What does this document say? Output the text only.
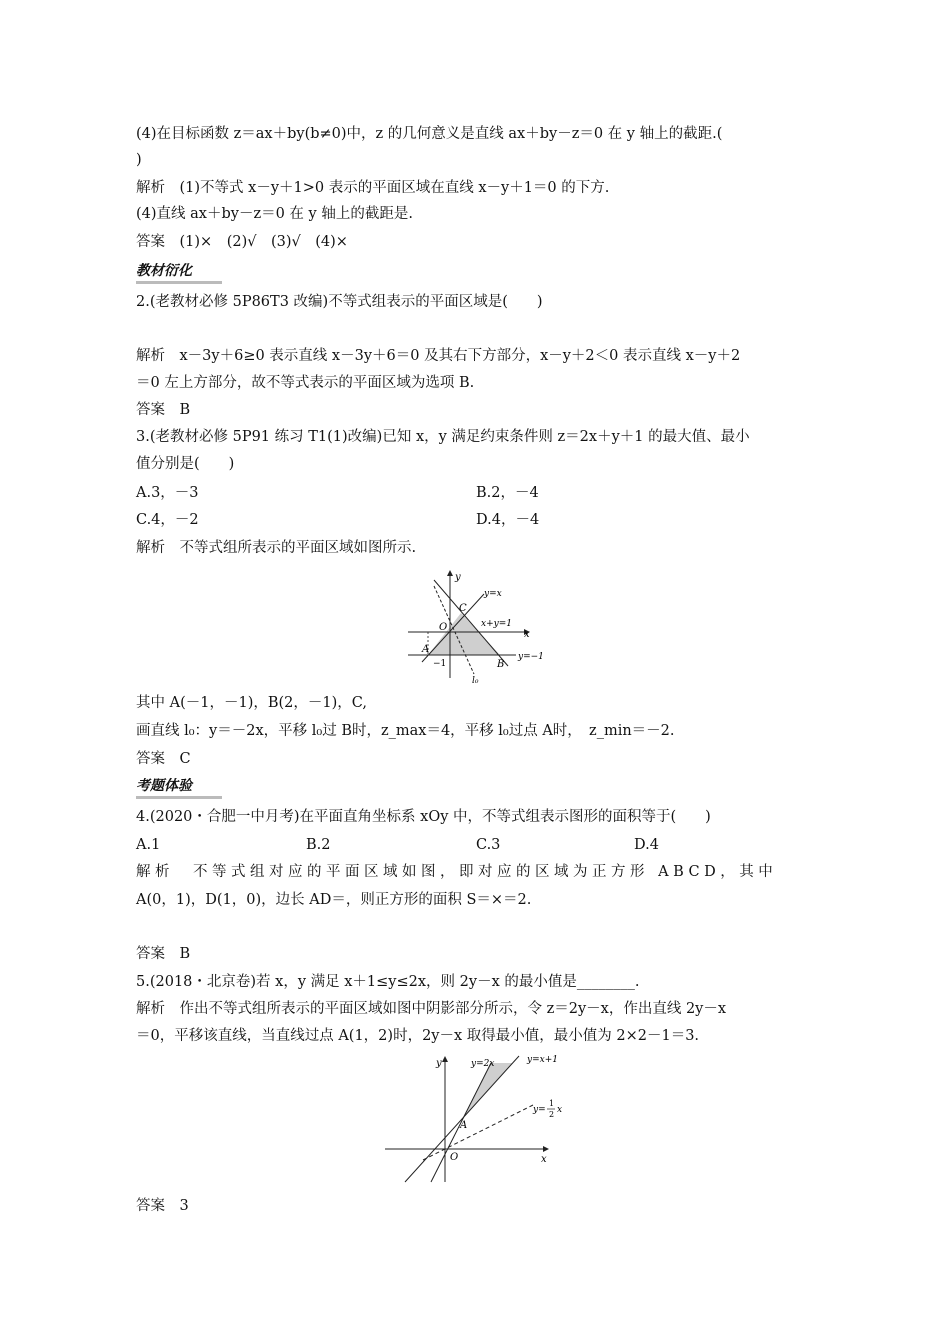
(4)在目标函数 z＝ax＋by(b≠0)中，z 的几何意义是直线 ax＋by－z＝0 在 y 轴上的截距.(
)
解析　(1)不等式 x－y＋1>0 表示的平面区域在直线 x－y＋1＝0 的下方.
(4)直线 ax＋by－z＝0 在 y 轴上的截距是.
答案　(1)×　(2)√　(3)√　(4)×
教材衍化
2.(老教材必修 5P86T3 改编)不等式组表示的平面区域是(　　)
解析　x－3y＋6≥0 表示直线 x－3y＋6＝0 及其右下方部分，x－y＋2＜0 表示直线 x－y＋2
＝0 左上方部分，故不等式表示的平面区域为选项 B.
答案　B
3.(老教材必修 5P91 练习 T1(1)改编)已知 x，y 满足约束条件则 z＝2x＋y＋1 的最大值、最小
值分别是(　　)
A.3，－3	B.2，－4
C.4，－2	D.4，－4
解析　不等式组所表示的平面区域如图所示.
y
x
O
C
A
B
−1
y=x
x+y=1
y=−1
l₀
其中 A(－1，－1)，B(2，－1)，C,
画直线 l₀：y＝－2x，平移 l₀过 B时，z_max＝4，平移 l₀过点 A时，　z_min＝－2.
答案　C
考题体验
4.(2020・合肥一中月考)在平面直角坐标系 xOy 中，不等式组表示图形的面积等于(　　)
A.1	B.2	C.3	D.4
解析　不等式组对应的平面区域如图，即对应的区域为正方形 ABCD，其中
A(0，1)，D(1，0)，边长 AD＝，则正方形的面积 S＝×＝2.
答案　B
5.(2018・北京卷)若 x，y 满足 x＋1≤y≤2x，则 2y－x 的最小值是________.
解析　作出不等式组所表示的平面区域如图中阴影部分所示，令 z＝2y－x，作出直线 2y－x
＝0，平移该直线，当直线过点 A(1，2)时，2y－x 取得最小值，最小值为 2×2－1＝3.
y
x
O
A
y=2x	y=x+1
y=
1
2 x
答案　3
